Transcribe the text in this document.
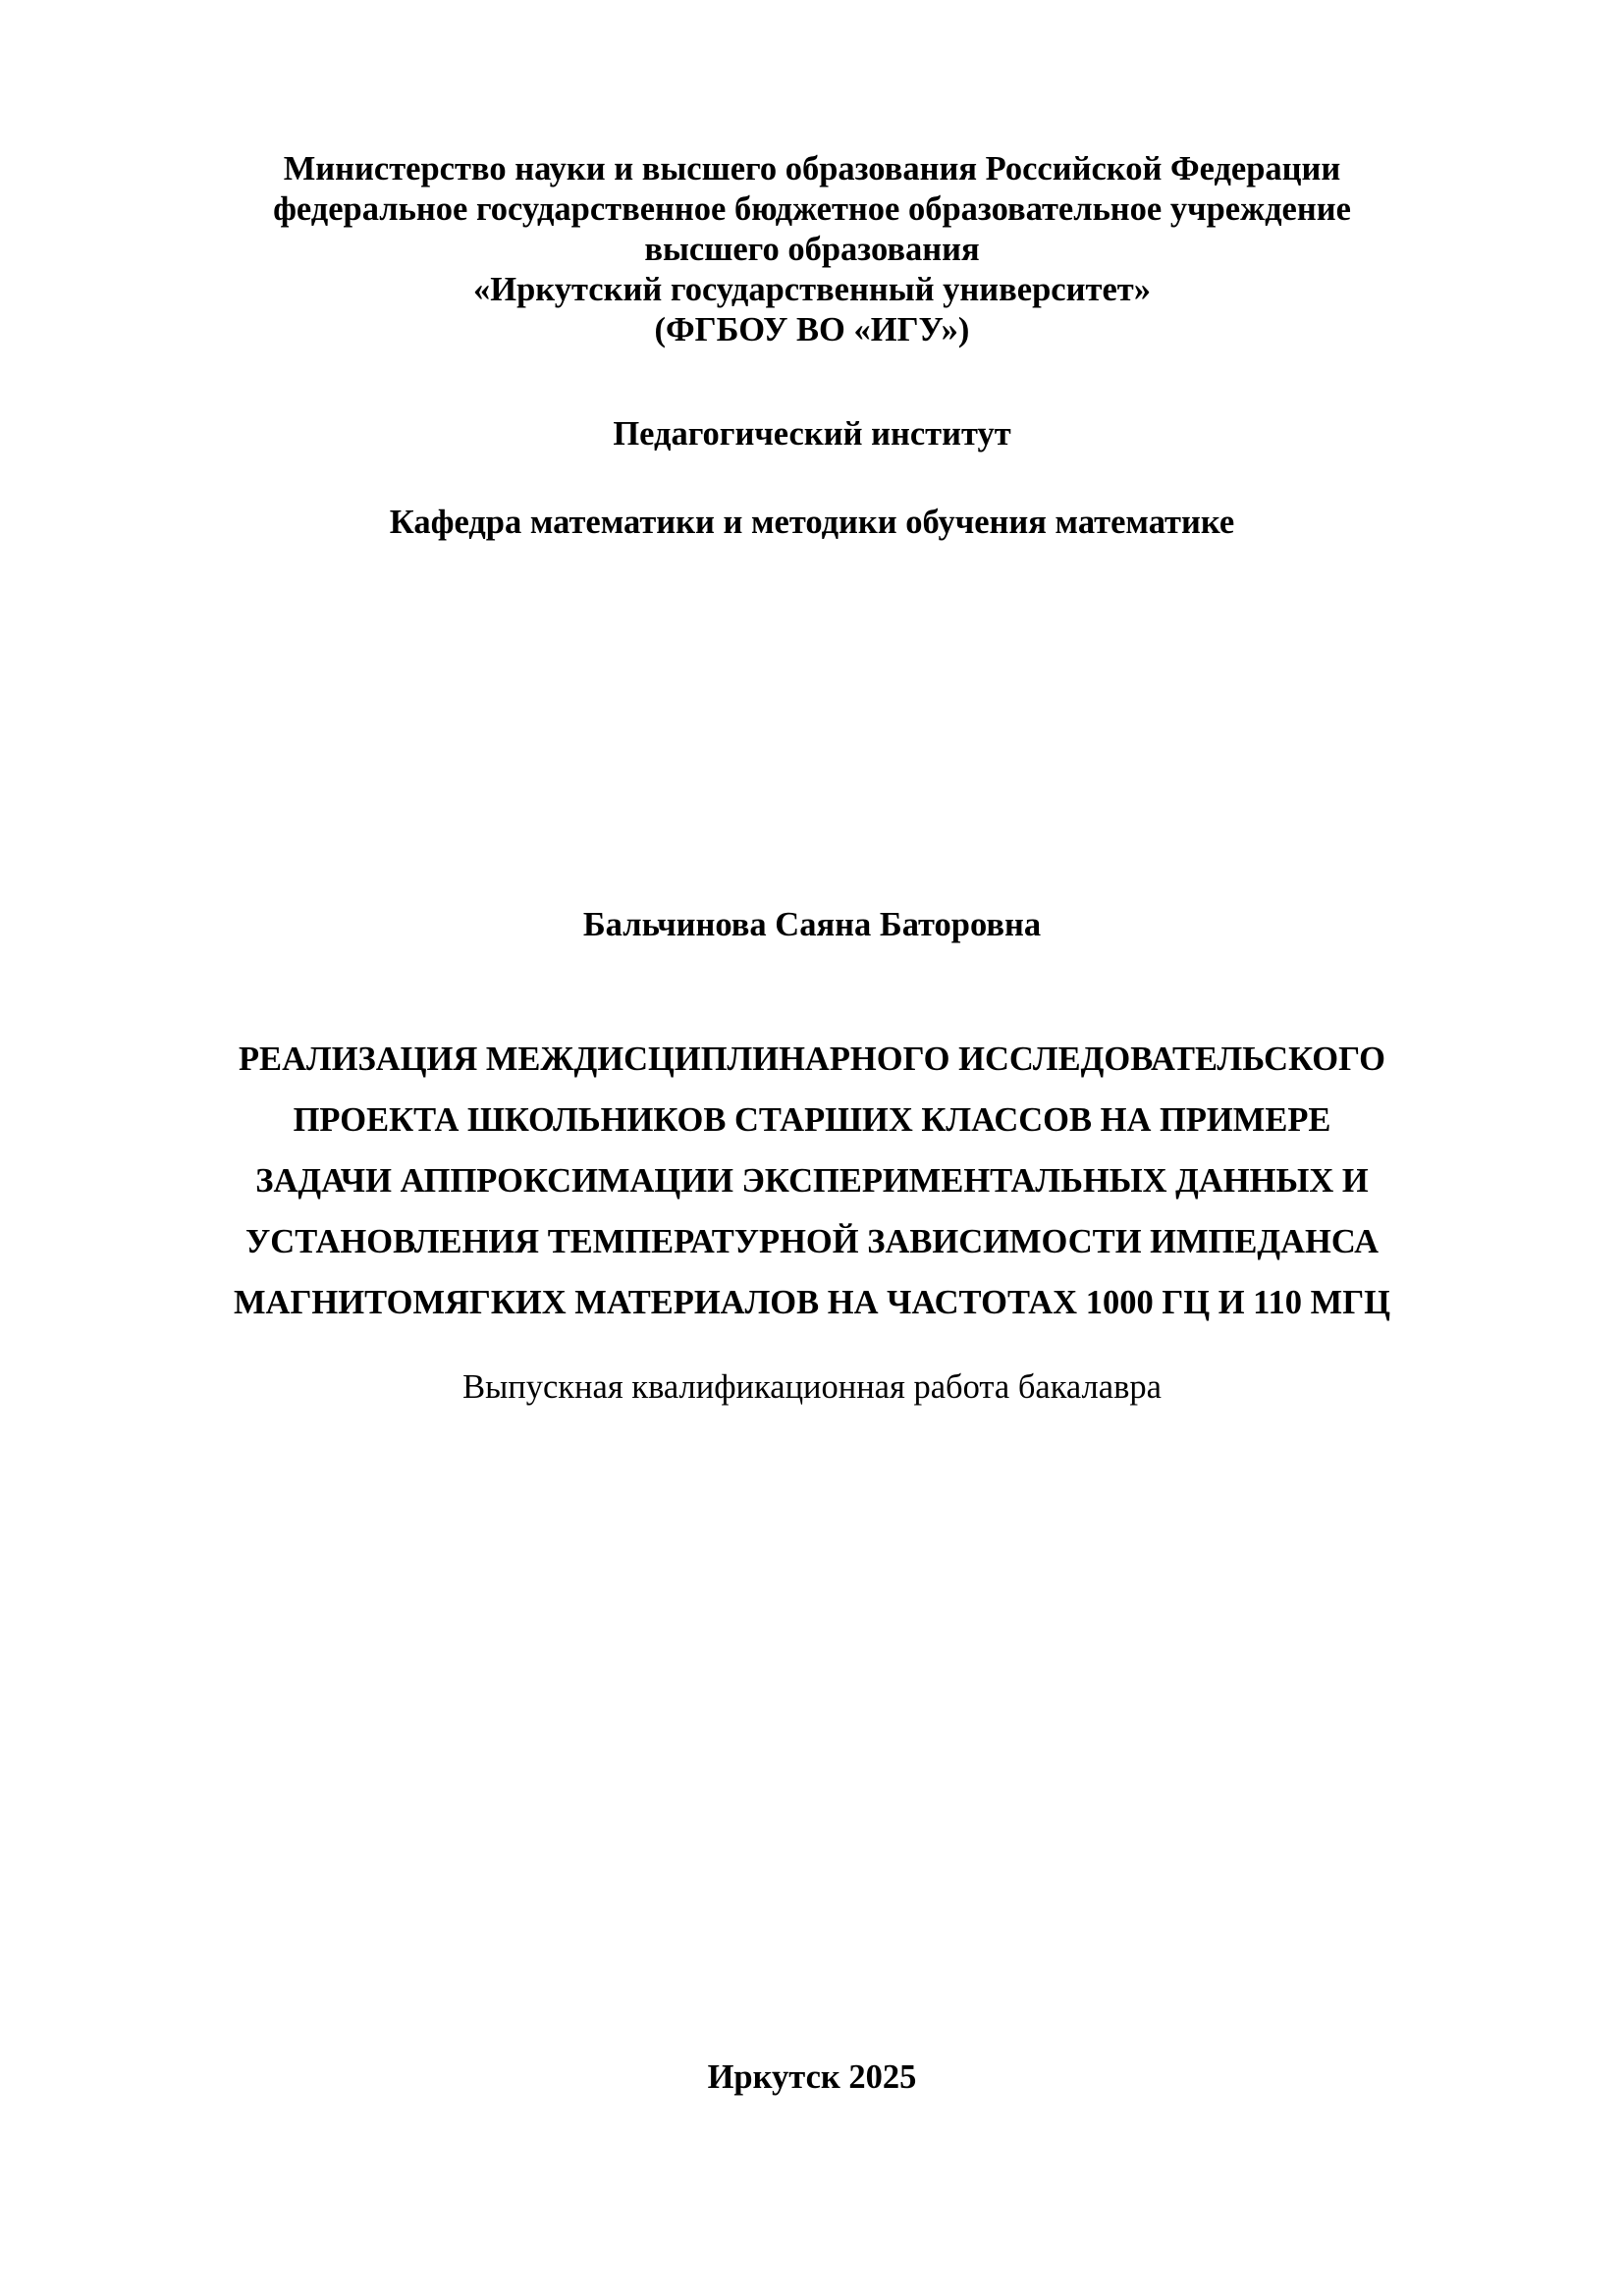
Министерство науки и высшего образования Российской Федерации
федеральное государственное бюджетное образовательное учреждение
высшего образования
«Иркутский государственный университет»
(ФГБОУ ВО «ИГУ»)
Педагогический институт
Кафедра математики и методики обучения математике
Бальчинова Саяна Баторовна
РЕАЛИЗАЦИЯ МЕЖДИСЦИПЛИНАРНОГО ИССЛЕДОВАТЕЛЬСКОГО
ПРОЕКТА ШКОЛЬНИКОВ СТАРШИХ КЛАССОВ НА ПРИМЕРЕ
ЗАДАЧИ АППРОКСИМАЦИИ ЭКСПЕРИМЕНТАЛЬНЫХ ДАННЫХ И
УСТАНОВЛЕНИЯ ТЕМПЕРАТУРНОЙ ЗАВИСИМОСТИ ИМПЕДАНСА
МАГНИТОМЯГКИХ МАТЕРИАЛОВ НА ЧАСТОТАХ 1000 ГЦ И 110 МГЦ
Выпускная квалификационная работа бакалавра
Иркутск 2025
